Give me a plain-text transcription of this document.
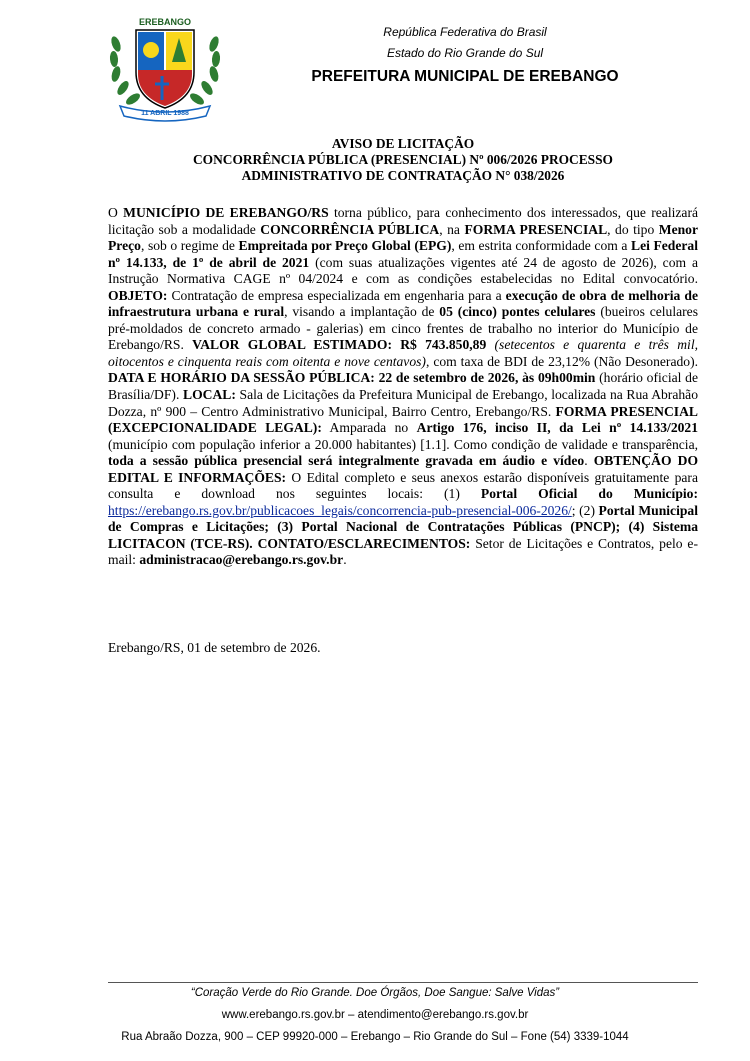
EREBANGO
11 ABRIL 1988
República Federativa do Brasil
Estado do Rio Grande do Sul
PREFEITURA MUNICIPAL DE EREBANGO
AVISO DE LICITAÇÃO
CONCORRÊNCIA PÚBLICA (PRESENCIAL) Nº 006/2026 PROCESSO
ADMINISTRATIVO DE CONTRATAÇÃO N° 038/2026
O MUNICÍPIO DE EREBANGO/RS torna público, para conhecimento dos interessados, que realizará licitação sob a modalidade CONCORRÊNCIA PÚBLICA, na FORMA PRESENCIAL, do tipo Menor Preço, sob o regime de Empreitada por Preço Global (EPG), em estrita conformidade com a Lei Federal nº 14.133, de 1º de abril de 2021 (com suas atualizações vigentes até 24 de agosto de 2026), com a Instrução Normativa CAGE nº 04/2024 e com as condições estabelecidas no Edital convocatório. OBJETO: Contratação de empresa especializada em engenharia para a execução de obra de melhoria de infraestrutura urbana e rural, visando a implantação de 05 (cinco) pontes celulares (bueiros celulares pré-moldados de concreto armado - galerias) em cinco frentes de trabalho no interior do Município de Erebango/RS. VALOR GLOBAL ESTIMADO: R$ 743.850,89 (setecentos e quarenta e três mil, oitocentos e cinquenta reais com oitenta e nove centavos), com taxa de BDI de 23,12% (Não Desonerado). DATA E HORÁRIO DA SESSÃO PÚBLICA: 22 de setembro de 2026, às 09h00min (horário oficial de Brasília/DF). LOCAL: Sala de Licitações da Prefeitura Municipal de Erebango, localizada na Rua Abrahão Dozza, nº 900 – Centro Administrativo Municipal, Bairro Centro, Erebango/RS. FORMA PRESENCIAL (EXCEPCIONALIDADE LEGAL): Amparada no Artigo 176, inciso II, da Lei nº 14.133/2021 (município com população inferior a 20.000 habitantes) [1.1]. Como condição de validade e transparência, toda a sessão pública presencial será integralmente gravada em áudio e vídeo. OBTENÇÃO DO EDITAL E INFORMAÇÕES: O Edital completo e seus anexos estarão disponíveis gratuitamente para consulta e download nos seguintes locais: (1) Portal Oficial do Município: https://erebango.rs.gov.br/publicacoes_legais/concorrencia-pub-presencial-006-2026/; (2) Portal Municipal de Compras e Licitações; (3) Portal Nacional de Contratações Públicas (PNCP); (4) Sistema LICITACON (TCE-RS). CONTATO/ESCLARECIMENTOS: Setor de Licitações e Contratos, pelo e-mail: administracao@erebango.rs.gov.br.
Erebango/RS, 01 de setembro de 2026.
“Coração Verde do Rio Grande. Doe Órgãos, Doe Sangue: Salve Vidas”
www.erebango.rs.gov.br – atendimento@erebango.rs.gov.br
Rua Abraão Dozza, 900 – CEP 99920-000 – Erebango – Rio Grande do Sul – Fone (54) 3339-1044
